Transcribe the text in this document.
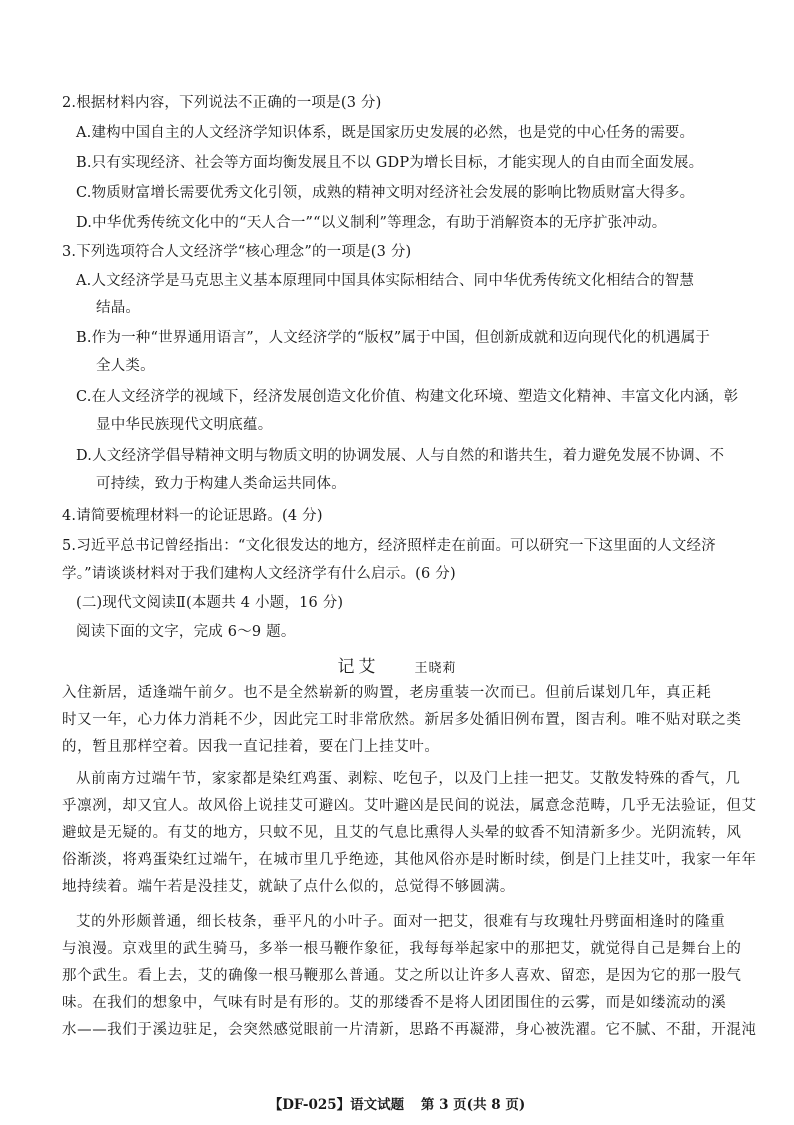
2.根据材料内容，下列说法不正确的一项是(3 分)
A.建构中国自主的人文经济学知识体系，既是国家历史发展的必然，也是党的中心任务的需要。
B.只有实现经济、社会等方面均衡发展且不以 GDP为增长目标，才能实现人的自由而全面发展。
C.物质财富增长需要优秀文化引领，成熟的精神文明对经济社会发展的影响比物质财富大得多。
D.中华优秀传统文化中的“天人合一”“以义制利”等理念，有助于消解资本的无序扩张冲动。
3.下列选项符合人文经济学“核心理念”的一项是(3 分)
A.人文经济学是马克思主义基本原理同中国具体实际相结合、同中华优秀传统文化相结合的智慧
结晶。
B.作为一种“世界通用语言”，人文经济学的“版权”属于中国，但创新成就和迈向现代化的机遇属于
全人类。
C.在人文经济学的视域下，经济发展创造文化价值、构建文化环境、塑造文化精神、丰富文化内涵，彰
显中华民族现代文明底蕴。
D.人文经济学倡导精神文明与物质文明的协调发展、人与自然的和谐共生，着力避免发展不协调、不
可持续，致力于构建人类命运共同体。
4.请简要梳理材料一的论证思路。(4 分)
5.习近平总书记曾经指出：“文化很发达的地方，经济照样走在前面。可以研究一下这里面的人文经济
学。”请谈谈材料对于我们建构人文经济学有什么启示。(6 分)
(二)现代文阅读Ⅱ(本题共 4 小题，16 分)
阅读下面的文字，完成 6～9 题。
记艾	王晓莉
入住新居，适逢端午前夕。也不是全然崭新的购置，老房重装一次而已。但前后谋划几年，真正耗
时又一年，心力体力消耗不少，因此完工时非常欣然。新居多处循旧例布置，图吉利。唯不贴对联之类
的，暂且那样空着。因我一直记挂着，要在门上挂艾叶。
从前南方过端午节，家家都是染红鸡蛋、剥粽、吃包子，以及门上挂一把艾。艾散发特殊的香气，几
乎凛冽，却又宜人。故风俗上说挂艾可避凶。艾叶避凶是民间的说法，属意念范畴，几乎无法验证，但艾
避蚊是无疑的。有艾的地方，只蚊不见，且艾的气息比熏得人头晕的蚊香不知清新多少。光阴流转，风
俗渐淡，将鸡蛋染红过端午，在城市里几乎绝迹，其他风俗亦是时断时续，倒是门上挂艾叶，我家一年年
地持续着。端午若是没挂艾，就缺了点什么似的，总觉得不够圆满。
艾的外形颇普通，细长枝条，垂平凡的小叶子。面对一把艾，很难有与玫瑰牡丹劈面相逢时的隆重
与浪漫。京戏里的武生骑马，多举一根马鞭作象征，我每每举起家中的那把艾，就觉得自己是舞台上的
那个武生。看上去，艾的确像一根马鞭那么普通。艾之所以让许多人喜欢、留恋，是因为它的那一股气
味。在我们的想象中，气味有时是有形的。艾的那缕香不是将人团团围住的云雾，而是如缕流动的溪
水——我们于溪边驻足，会突然感觉眼前一片清新，思路不再凝滞，身心被洗濯。它不腻、不甜，开混沌
【DF-025】语文试题 第 3 页(共 8 页)
